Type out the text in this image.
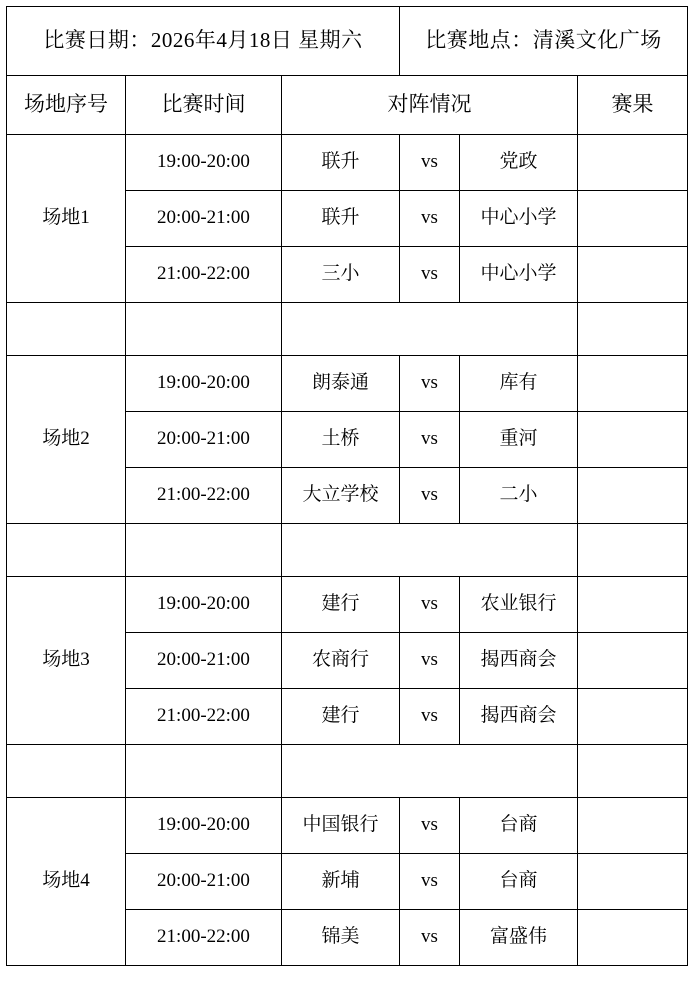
比赛日期：2026年4月18日 星期六			比赛地点：清溪文化广场		
场地序号	比赛时间	对阵情况			赛果
场地1	19:00-20:00	联升	vs	党政	
	20:00-21:00	联升	vs	中心小学	
	21:00-22:00	三小	vs	中心小学	

场地2	19:00-20:00	朗泰通	vs	库有	
	20:00-21:00	土桥	vs	重河	
	21:00-22:00	大立学校	vs	二小	

场地3	19:00-20:00	建行	vs	农业银行	
	20:00-21:00	农商行	vs	揭西商会	
	21:00-22:00	建行	vs	揭西商会	

场地4	19:00-20:00	中国银行	vs	台商	
	20:00-21:00	新埔	vs	台商	
	21:00-22:00	锦美	vs	富盛伟	
